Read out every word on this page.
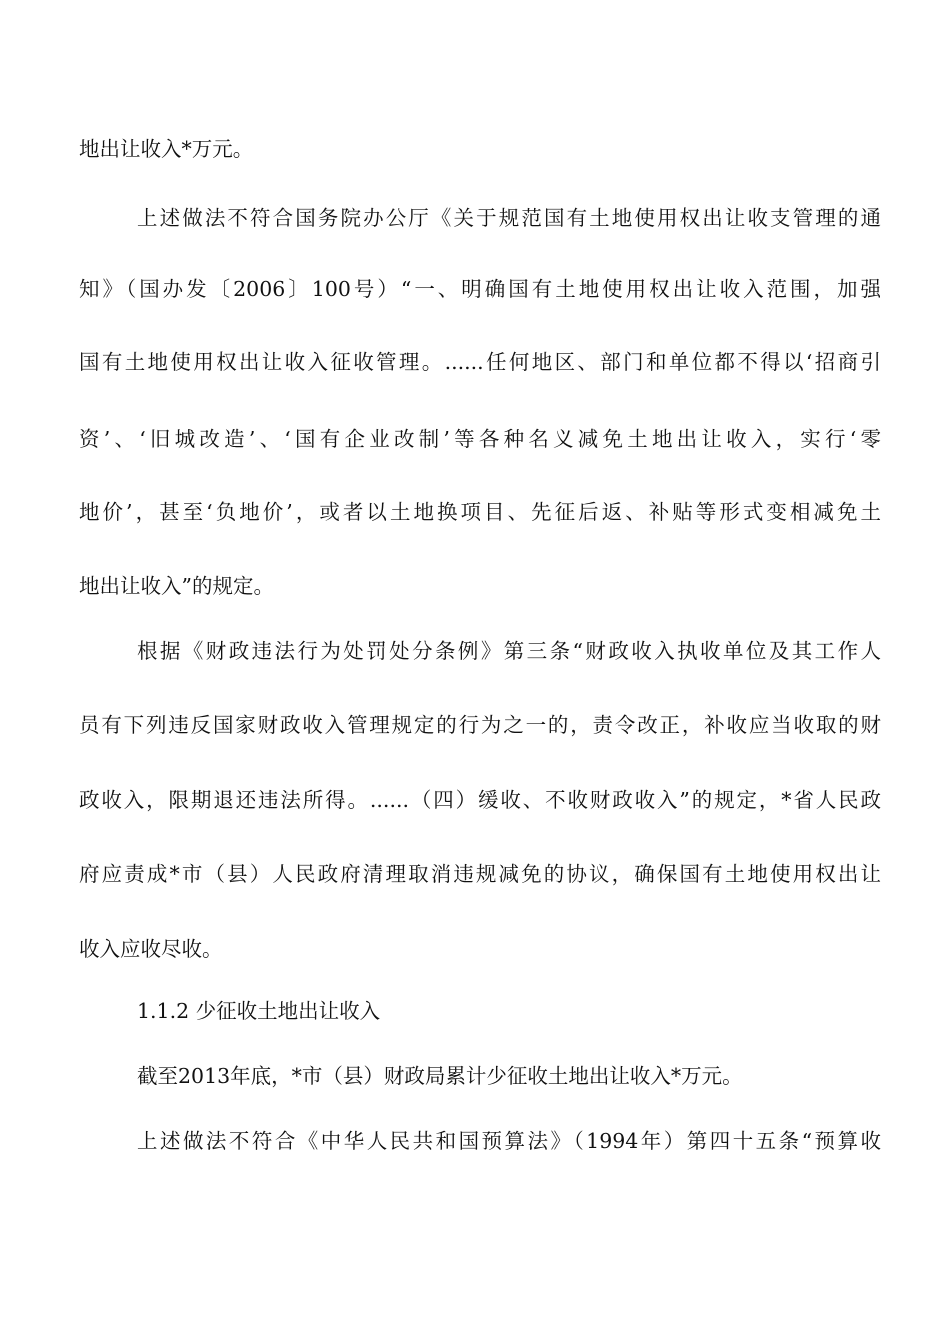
地出让收入*万元。
上述做法不符合国务院办公厅《关于规范国有土地使用权出让收支管理的通
知》（国办发〔2006〕100号）“一、明确国有土地使用权出让收入范围，加强
国有土地使用权出让收入征收管理。......任何地区、部门和单位都不得以‘招商引
资’、‘旧城改造’、‘国有企业改制’等各种名义减免土地出让收入，实行‘零
地价’，甚至‘负地价’，或者以土地换项目、先征后返、补贴等形式变相减免土
地出让收入”的规定。
根据《财政违法行为处罚处分条例》第三条“财政收入执收单位及其工作人
员有下列违反国家财政收入管理规定的行为之一的，责令改正，补收应当收取的财
政收入，限期退还违法所得。......（四）缓收、不收财政收入”的规定，*省人民政
府应责成*市（县）人民政府清理取消违规减免的协议，确保国有土地使用权出让
收入应收尽收。
1.1.2 少征收土地出让收入
截至2013年底，*市（县）财政局累计少征收土地出让收入*万元。
上述做法不符合《中华人民共和国预算法》（1994年）第四十五条“预算收
